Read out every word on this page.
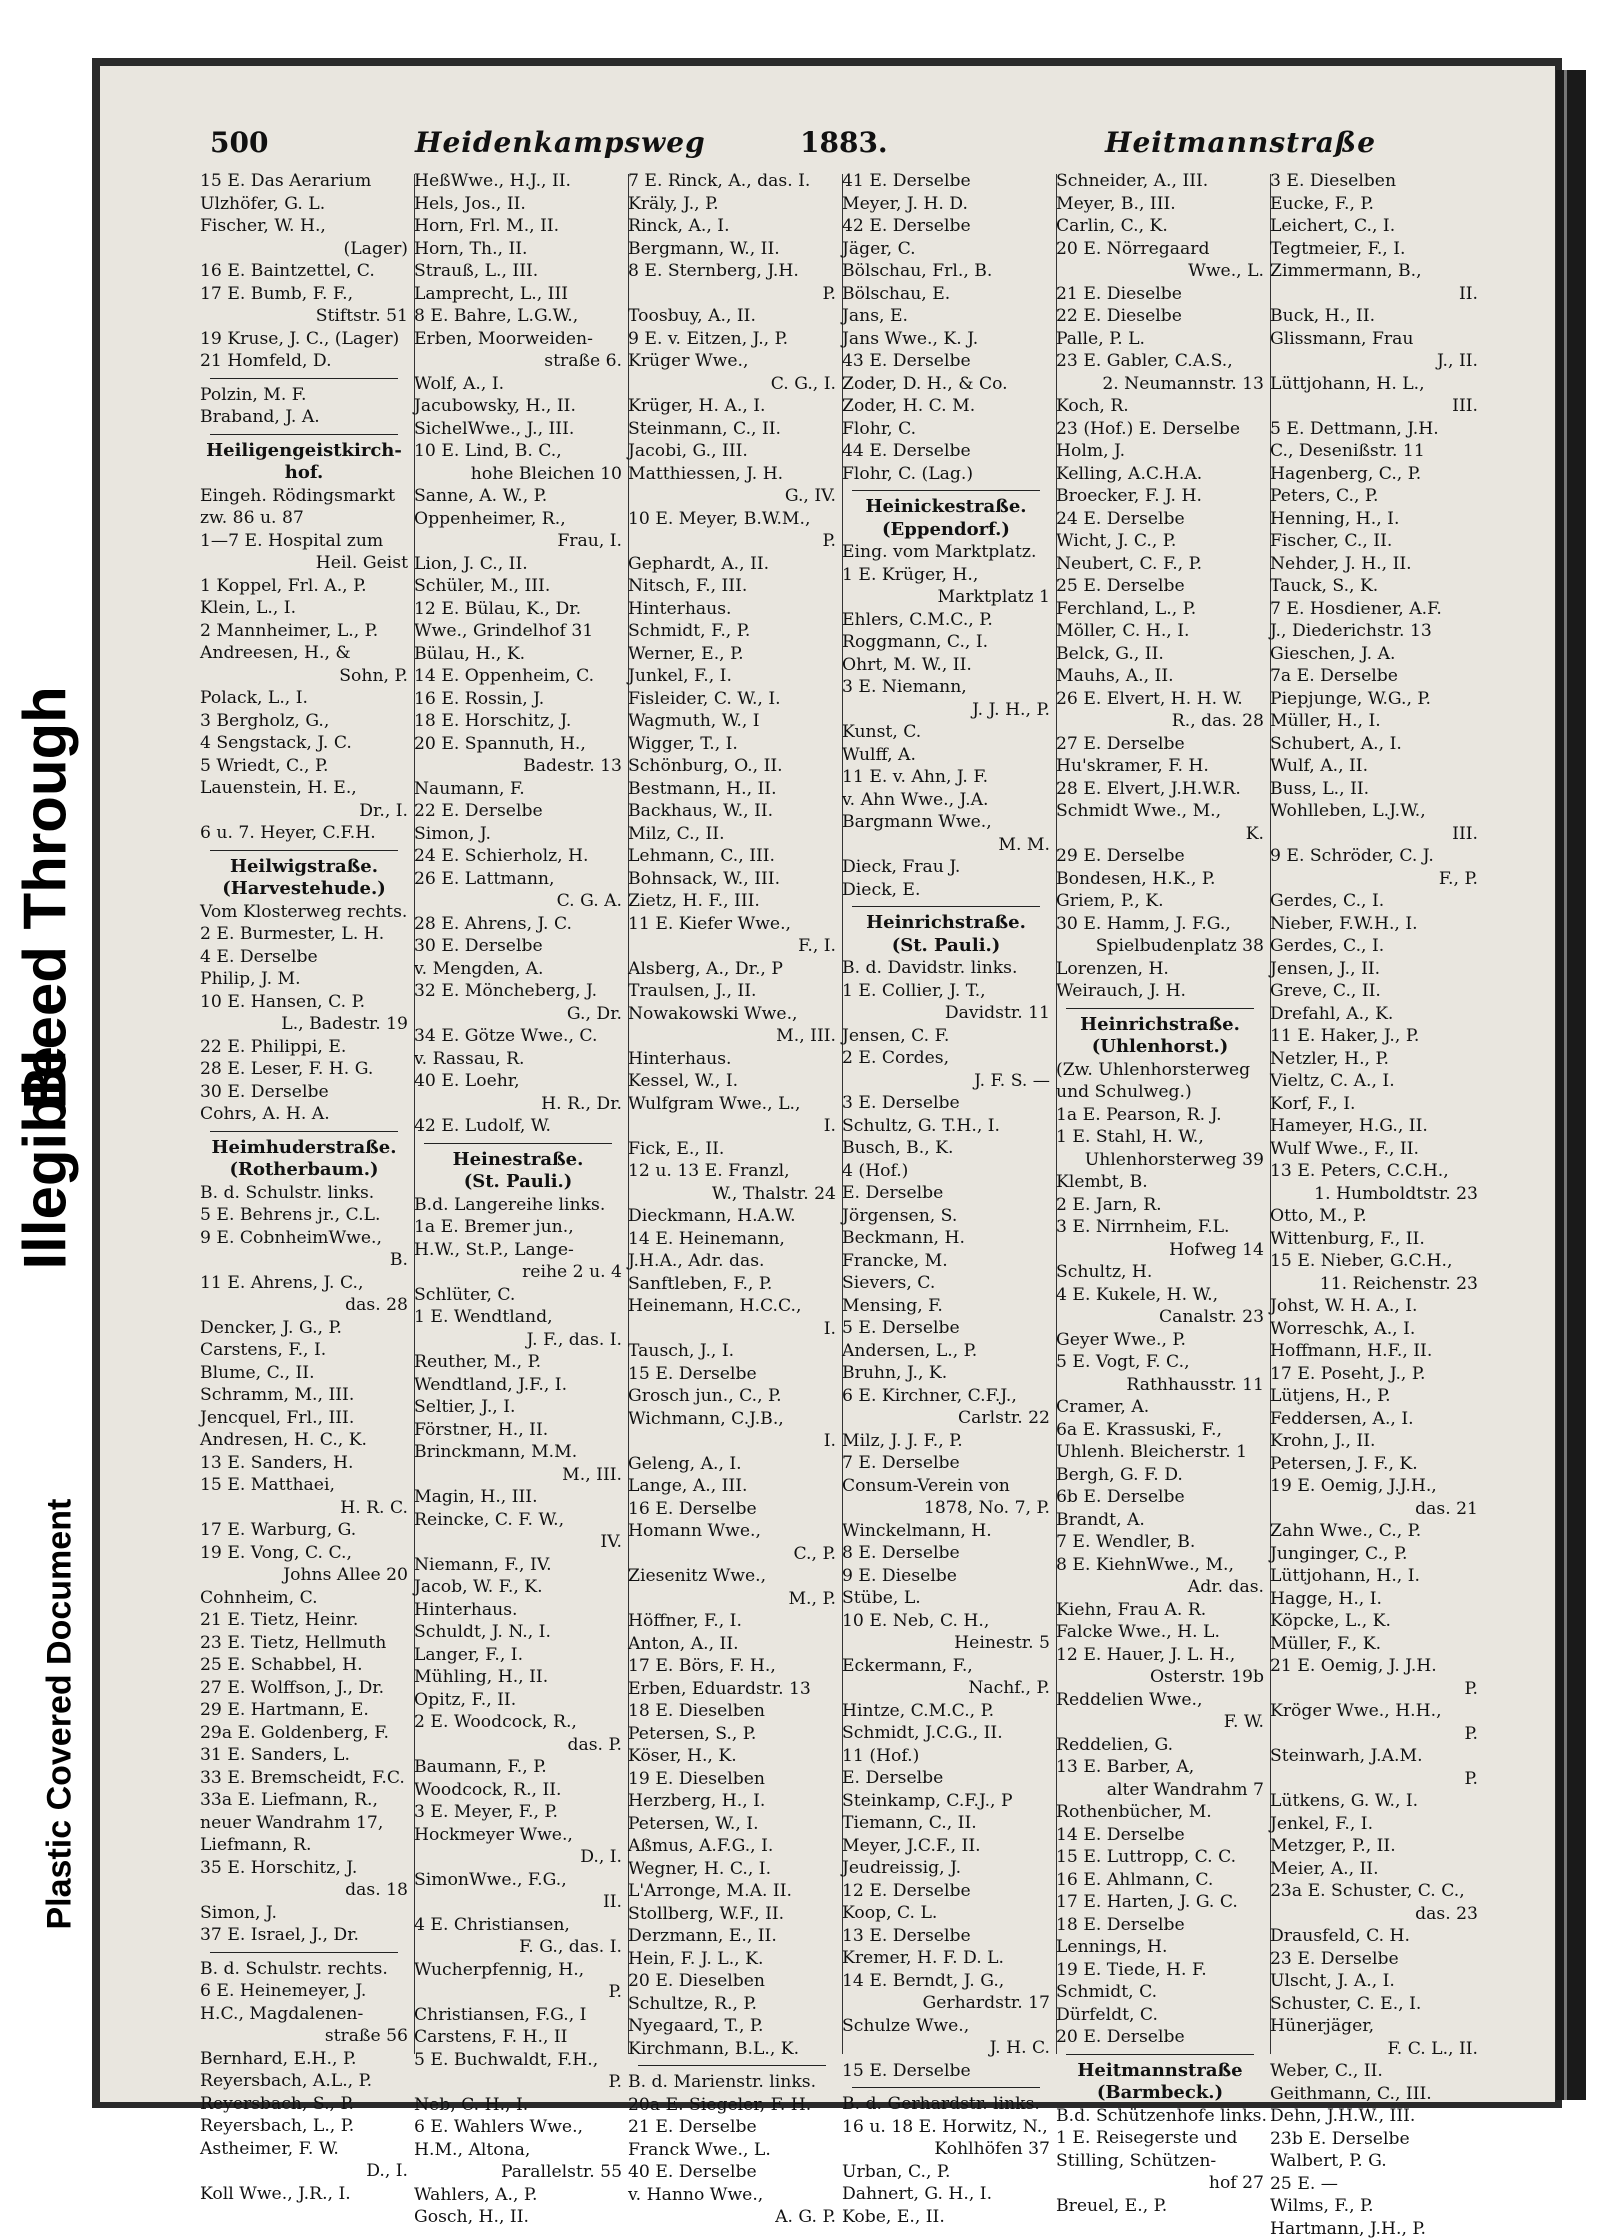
Illegible
Bleed Through
Plastic Covered Document
500	Heidenkampsweg	1883.	Heitmannstraße
15 E. Das Aerarium
Ulzhöfer, G. L.
Fischer, W. H.,
(Lager)
16 E. Baintzettel, C.
17 E. Bumb, F. F.,
Stiftstr. 51
19 Kruse, J. C., (Lager)
21 Homfeld, D.
Polzin, M. F.
Braband, J. A.
Heiligengeistkirch-
hof.
Eingeh. Rödingsmarkt
zw. 86 u. 87
1—7 E. Hospital zum
Heil. Geist
1 Koppel, Frl. A., P.
Klein, L., I.
2 Mannheimer, L., P.
Andreesen, H., &
Sohn, P.
Polack, L., I.
3 Bergholz, G.,
4 Sengstack, J. C.
5 Wriedt, C., P.
Lauenstein, H. E.,
Dr., I.
6 u. 7. Heyer, C.F.H.
Heilwigstraße.
(Harvestehude.)
Vom Klosterweg rechts.
2 E. Burmester, L. H.
4 E. Derselbe
Philip, J. M.
10 E. Hansen, C. P.
L., Badestr. 19
22 E. Philippi, E.
28 E. Leser, F. H. G.
30 E. Derselbe
Cohrs, A. H. A.
Heimhuderstraße.
(Rotherbaum.)
B. d. Schulstr. links.
5 E. Behrens jr., C.L.
9 E. CobnheimWwe.,
B.
11 E. Ahrens, J. C.,
das. 28
Dencker, J. G., P.
Carstens, F., I.
Blume, C., II.
Schramm, M., III.
Jencquel, Frl., III.
Andresen, H. C., K.
13 E. Sanders, H.
15 E. Matthaei,
H. R. C.
17 E. Warburg, G.
19 E. Vong, C. C.,
Johns Allee 20
Cohnheim, C.
21 E. Tietz, Heinr.
23 E. Tietz, Hellmuth
25 E. Schabbel, H.
27 E. Wolffson, J., Dr.
29 E. Hartmann, E.
29a E. Goldenberg, F.
31 E. Sanders, L.
33 E. Bremscheidt, F.C.
33a E. Liefmann, R.,
neuer Wandrahm 17,
Liefmann, R.
35 E. Horschitz, J.
das. 18
Simon, J.
37 E. Israel, J., Dr.
B. d. Schulstr. rechts.
6 E. Heinemeyer, J.
H.C., Magdalenen-
straße 56
Bernhard, E.H., P.
Reyersbach, A.L., P.
Reyersbach, S., P.
Reyersbach, L., P.
Astheimer, F. W.
D., I.
Koll Wwe., J.R., I.
HeßWwe., H.J., II.
Hels, Jos., II.
Horn, Frl. M., II.
Horn, Th., II.
Strauß, L., III.
Lamprecht, L., III
8 E. Bahre, L.G.W.,
Erben, Moorweiden-
straße 6.
Wolf, A., I.
Jacubowsky, H., II.
SichelWwe., J., III.
10 E. Lind, B. C.,
hohe Bleichen 10
Sanne, A. W., P.
Oppenheimer, R.,
Frau, I.
Lion, J. C., II.
Schüler, M., III.
12 E. Bülau, K., Dr.
Wwe., Grindelhof 31
Bülau, H., K.
14 E. Oppenheim, C.
16 E. Rossin, J.
18 E. Horschitz, J.
20 E. Spannuth, H.,
Badestr. 13
Naumann, F.
22 E. Derselbe
Simon, J.
24 E. Schierholz, H.
26 E. Lattmann,
C. G. A.
28 E. Ahrens, J. C.
30 E. Derselbe
v. Mengden, A.
32 E. Möncheberg, J.
G., Dr.
34 E. Götze Wwe., C.
v. Rassau, R.
40 E. Loehr,
H. R., Dr.
42 E. Ludolf, W.
Heinestraße.
(St. Pauli.)
B.d. Langereihe links.
1a E. Bremer jun.,
H.W., St.P., Lange-
reihe 2 u. 4
Schlüter, C.
1 E. Wendtland,
J. F., das. I.
Reuther, M., P.
Wendtland, J.F., I.
Seltier, J., I.
Förstner, H., II.
Brinckmann, M.M.
M., III.
Magin, H., III.
Reincke, C. F. W.,
IV.
Niemann, F., IV.
Jacob, W. F., K.
Hinterhaus.
Schuldt, J. N., I.
Langer, F., I.
Mühling, H., II.
Opitz, F., II.
2 E. Woodcock, R.,
das. P.
Baumann, F., P.
Woodcock, R., II.
3 E. Meyer, F., P.
Hockmeyer Wwe.,
D., I.
SimonWwe., F.G.,
II.
4 E. Christiansen,
F. G., das. I.
Wucherpfennig, H.,
P.
Christiansen, F.G., I
Carstens, F. H., II
5 E. Buchwaldt, F.H.,
P.
Neb, C. H., I.
6 E. Wahlers Wwe.,
H.M., Altona,
Parallelstr. 55
Wahlers, A., P.
Gosch, H., II.
7 E. Rinck, A., das. I.
Kräly, J., P.
Rinck, A., I.
Bergmann, W., II.
8 E. Sternberg, J.H.
P.
Toosbuy, A., II.
9 E. v. Eitzen, J., P.
Krüger Wwe.,
C. G., I.
Krüger, H. A., I.
Steinmann, C., II.
Jacobi, G., III.
Matthiessen, J. H.
G., IV.
10 E. Meyer, B.W.M.,
P.
Gephardt, A., II.
Nitsch, F., III.
Hinterhaus.
Schmidt, F., P.
Werner, E., P.
Junkel, F., I.
Fisleider, C. W., I.
Wagmuth, W., I
Wigger, T., I.
Schönburg, O., II.
Bestmann, H., II.
Backhaus, W., II.
Milz, C., II.
Lehmann, C., III.
Bohnsack, W., III.
Zietz, H. F., III.
11 E. Kiefer Wwe.,
F., I.
Alsberg, A., Dr., P
Traulsen, J., II.
Nowakowski Wwe.,
M., III.
Hinterhaus.
Kessel, W., I.
Wulfgram Wwe., L.,
I.
Fick, E., II.
12 u. 13 E. Franzl,
W., Thalstr. 24
Dieckmann, H.A.W.
14 E. Heinemann,
J.H.A., Adr. das.
Sanftleben, F., P.
Heinemann, H.C.C.,
I.
Tausch, J., I.
15 E. Derselbe
Grosch jun., C., P.
Wichmann, C.J.B.,
I.
Geleng, A., I.
Lange, A., III.
16 E. Derselbe
Homann Wwe.,
C., P.
Ziesenitz Wwe.,
M., P.
Höffner, F., I.
Anton, A., II.
17 E. Börs, F. H.,
Erben, Eduardstr. 13
18 E. Dieselben
Petersen, S., P.
Köser, H., K.
19 E. Dieselben
Herzberg, H., I.
Petersen, W., I.
Aßmus, A.F.G., I.
Wegner, H. C., I.
L'Arronge, M.A. II.
Stollberg, W.F., II.
Derzmann, E., II.
Hein, F. J. L., K.
20 E. Dieselben
Schultze, R., P.
Nyegaard, T., P.
Kirchmann, B.L., K.
B. d. Marienstr. links.
20a E. Siegeler, F. H.
21 E. Derselbe
Franck Wwe., L.
40 E. Derselbe
v. Hanno Wwe.,
A. G. P.
41 E. Derselbe
Meyer, J. H. D.
42 E. Derselbe
Jäger, C.
Bölschau, Frl., B.
Bölschau, E.
Jans, E.
Jans Wwe., K. J.
43 E. Derselbe
Zoder, D. H., & Co.
Zoder, H. C. M.
Flohr, C.
44 E. Derselbe
Flohr, C. (Lag.)
Heinickestraße.
(Eppendorf.)
Eing. vom Marktplatz.
1 E. Krüger, H.,
Marktplatz 1
Ehlers, C.M.C., P.
Roggmann, C., I.
Ohrt, M. W., II.
3 E. Niemann,
J. J. H., P.
Kunst, C.
Wulff, A.
11 E. v. Ahn, J. F.
v. Ahn Wwe., J.A.
Bargmann Wwe.,
M. M.
Dieck, Frau J.
Dieck, E.
Heinrichstraße.
(St. Pauli.)
B. d. Davidstr. links.
1 E. Collier, J. T.,
Davidstr. 11
Jensen, C. F.
2 E. Cordes,
J. F. S. —
3 E. Derselbe
Schultz, G. T.H., I.
Busch, B., K.
4 (Hof.)
E. Derselbe
Jörgensen, S.
Beckmann, H.
Francke, M.
Sievers, C.
Mensing, F.
5 E. Derselbe
Andersen, L., P.
Bruhn, J., K.
6 E. Kirchner, C.F.J.,
Carlstr. 22
Milz, J. J. F., P.
7 E. Derselbe
Consum-Verein von
1878, No. 7, P.
Winckelmann, H.
8 E. Derselbe
9 E. Dieselbe
Stübe, L.
10 E. Neb, C. H.,
Heinestr. 5
Eckermann, F.,
Nachf., P.
Hintze, C.M.C., P.
Schmidt, J.C.G., II.
11 (Hof.)
E. Derselbe
Steinkamp, C.F.J., P
Tiemann, C., II.
Meyer, J.C.F., II.
Jeudreissig, J.
12 E. Derselbe
Koop, C. L.
13 E. Derselbe
Kremer, H. F. D. L.
14 E. Berndt, J. G.,
Gerhardstr. 17
Schulze Wwe.,
J. H. C.
15 E. Derselbe
B. d. Gerhardstr. links.
16 u. 18 E. Horwitz, N.,
Kohlhöfen 37
Urban, C., P.
Dahnert, G. H., I.
Kobe, E., II.
Schneider, A., III.
Meyer, B., III.
Carlin, C., K.
20 E. Nörregaard
Wwe., L.
21 E. Dieselbe
22 E. Dieselbe
Palle, P. L.
23 E. Gabler, C.A.S.,
2. Neumannstr. 13
Koch, R.
23 (Hof.) E. Derselbe
Holm, J.
Kelling, A.C.H.A.
Broecker, F. J. H.
24 E. Derselbe
Wicht, J. C., P.
Neubert, C. F., P.
25 E. Derselbe
Ferchland, L., P.
Möller, C. H., I.
Belck, G., II.
Mauhs, A., II.
26 E. Elvert, H. H. W.
R., das. 28
27 E. Derselbe
Hu'skramer, F. H.
28 E. Elvert, J.H.W.R.
Schmidt Wwe., M.,
K.
29 E. Derselbe
Bondesen, H.K., P.
Griem, P., K.
30 E. Hamm, J. F.G.,
Spielbudenplatz 38
Lorenzen, H.
Weirauch, J. H.
Heinrichstraße.
(Uhlenhorst.)
(Zw. Uhlenhorsterweg
und Schulweg.)
1a E. Pearson, R. J.
1 E. Stahl, H. W.,
Uhlenhorsterweg 39
Klembt, B.
2 E. Jarn, R.
3 E. Nirrnheim, F.L.
Hofweg 14
Schultz, H.
4 E. Kukele, H. W.,
Canalstr. 23
Geyer Wwe., P.
5 E. Vogt, F. C.,
Rathhausstr. 11
Cramer, A.
6a E. Krassuski, F.,
Uhlenh. Bleicherstr. 1
Bergh, G. F. D.
6b E. Derselbe
Brandt, A.
7 E. Wendler, B.
8 E. KiehnWwe., M.,
Adr. das.
Kiehn, Frau A. R.
Falcke Wwe., H. L.
12 E. Hauer, J. L. H.,
Osterstr. 19b
Reddelien Wwe.,
F. W.
Reddelien, G.
13 E. Barber, A,
alter Wandrahm 7
Rothenbücher, M.
14 E. Derselbe
15 E. Luttropp, C. C.
16 E. Ahlmann, C.
17 E. Harten, J. G. C.
18 E. Derselbe
Lennings, H.
19 E. Tiede, H. F.
Schmidt, C.
Dürfeldt, C.
20 E. Derselbe
Heitmannstraße
(Barmbeck.)
B.d. Schützenhofe links.
1 E. Reisegerste und
Stilling, Schützen-
hof 27
Breuel, E., P.
3 E. Dieselben
Eucke, F., P.
Leichert, C., I.
Tegtmeier, F., I.
Zimmermann, B.,
II.
Buck, H., II.
Glissmann, Frau
J., II.
Lüttjohann, H. L.,
III.
5 E. Dettmann, J.H.
C., Desenißstr. 11
Hagenberg, C., P.
Peters, C., P.
Henning, H., I.
Fischer, C., II.
Nehder, J. H., II.
Tauck, S., K.
7 E. Hosdiener, A.F.
J., Diederichstr. 13
Gieschen, J. A.
7a E. Derselbe
Piepjunge, W.G., P.
Müller, H., I.
Schubert, A., I.
Wulf, A., II.
Buss, L., II.
Wohlleben, L.J.W.,
III.
9 E. Schröder, C. J.
F., P.
Gerdes, C., I.
Nieber, F.W.H., I.
Gerdes, C., I.
Jensen, J., II.
Greve, C., II.
Drefahl, A., K.
11 E. Haker, J., P.
Netzler, H., P.
Vieltz, C. A., I.
Korf, F., I.
Hameyer, H.G., II.
Wulf Wwe., F., II.
13 E. Peters, C.C.H.,
1. Humboldtstr. 23
Otto, M., P.
Wittenburg, F., II.
15 E. Nieber, G.C.H.,
11. Reichenstr. 23
Johst, W. H. A., I.
Worreschk, A., I.
Hoffmann, H.F., II.
17 E. Poseht, J., P.
Lütjens, H., P.
Feddersen, A., I.
Krohn, J., II.
Petersen, J. F., K.
19 E. Oemig, J.J.H.,
das. 21
Zahn Wwe., C., P.
Junginger, C., P.
Lüttjohann, H., I.
Hagge, H., I.
Köpcke, L., K.
Müller, F., K.
21 E. Oemig, J. J.H.
P.
Kröger Wwe., H.H.,
P.
Steinwarh, J.A.M.
P.
Lütkens, G. W., I.
Jenkel, F., I.
Metzger, P., II.
Meier, A., II.
23a E. Schuster, C. C.,
das. 23
Drausfeld, C. H.
23 E. Derselbe
Ulscht, J. A., I.
Schuster, C. E., I.
Hünerjäger,
F. C. L., II.
Weber, C., II.
Geithmann, C., III.
Dehn, J.H.W., III.
23b E. Derselbe
Walbert, P. G.
25 E. —
Wilms, F., P.
Hartmann, J.H., P.
